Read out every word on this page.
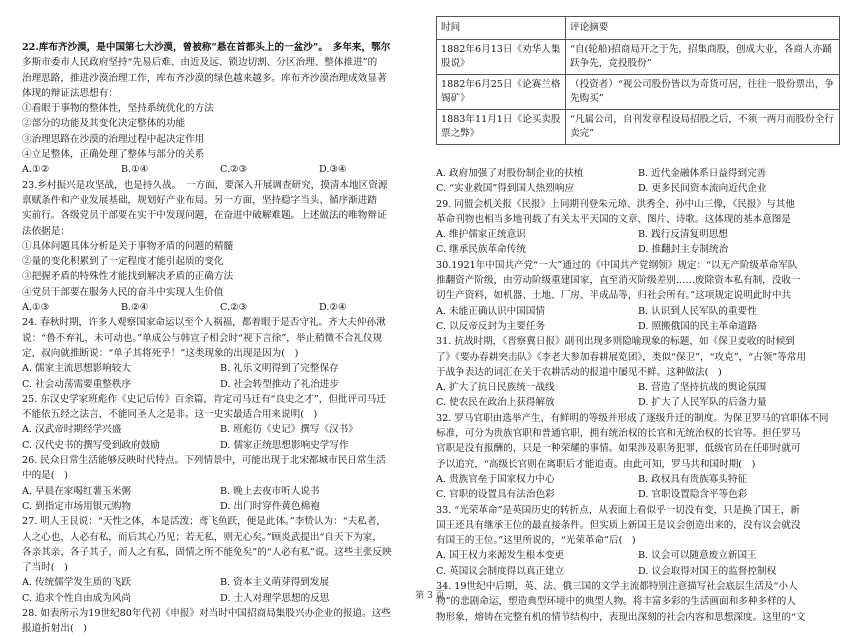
22.库布齐沙漠，是中国第七大沙漠，曾被称“悬在首都头上的一盆沙”。　多年来，鄂尔

多斯市委市人民政府坚持“先易后难、由近及远、锁边切割、分区治理、整体推进”的

治理思路，推进沙漠治理工作，库布齐沙漠的绿色越来越多。库布齐沙漠治理成效显著

体现的辩证法思想有：

①看眼于事物的整体性，坚持系统优化的方法

②部分的功能及其变化决定整体的功能

③治理思路在沙漠的治理过程中起决定作用

④立足整体，正确处理了整体与部分的关系

A.①②	B.①④	C.②③	D.③④

23.乡村振兴是攻坚战，也是持久战。　一方面，要深入开展调查研究，摸清本地区资源

禀赋条件和产业发展基础，规划好产业布局。另一方面，坚持稳字当头、循序渐进踏

实前行。各级党员干部要在实干中发现问题，在奋进中破解难题。上述做法的唯物辩证

法依据是：

①具体问题具体分析是关于事物矛盾的问题的精髓

②量的变化积累到了一定程度才能引起质的变化

③把握矛盾的特殊性才能找到解决矛盾的正确方法

④党员干部要在服务人民的奋斗中实现人生价值

A.①③	B.②④	C.②③	D.②④

24. 春秋时期，许多人观察国家命运以至个人祸福，都着眼于是否守礼。齐大夫仲孙湫

说：“鲁不弃礼，未可动也。”单成公与韩宣子相会时“视下言徐”，举止稍微不合礼仪规

定，叔向就推断说：“单子其将死乎！”这类现象的出现是因为(　)

A. 儒家主流思想影响较大	B. 礼乐文明得到了完整保存
C. 社会动荡需要重整秩序	D. 社会转型推动了礼治进步

25. 东汉史学家班彪作《史记后传》百余篇，肯定司马迁有“良史之才”，但批评司马迁

不能依五经之法言，不能同圣人之是非。这一史实最适合用来说明(　)

A. 汉武帝时期经学兴盛	B. 班彪仿《史记》撰写《汉书》
C. 汉代史书的撰写受到政府鼓励	D. 儒家正统思想影响史学写作

26. 民众日常生活能够反映时代特点。下列情景中，可能出现于北宋都城市民日常生活

中的是(　)

A. 早晨在家喝红薯玉米粥	B. 晚上去夜市听人说书
C. 到指定市场用银元购物	D. 出门时穿件黄色棉袍

27. 明人王艮说：“天性之体，本是活泼；鸢飞鱼跃，便是此体。”李贽认为：“夫私者，

人之心也，人必有私，而后其心乃见；若无私，则无心矣。”顾炎武提出“自天下为家，

各亲其亲，各子其子，而人之有私，固情之所不能免矣”的“人必有私”说。这些主张反映

了当时(　)

A. 传统儒学发生质的飞跃	B. 资本主义萌芽得到发展
C. 追求个性自由成为风尚	D. 士人对理学思想的反思

28. 如表所示为19世纪80年代初《申报》对当时中国招商局集股兴办企业的报道。这些

报道折射出(　)

时间	评论摘要
1882年6月13日《劝华人集股说》	“自(轮船)招商局开之于先，招集商股，创成大业，各商人亦踊跃争先，竞投股份”
1882年6月25日《论赛兰格锡矿》	（投资者）“视公司股份皆以为奇货可居，往往一股份票出，争先购买”
1883年11月1日《论买卖股票之弊》	“凡属公司，自刊发章程设局招股之后，不须一两月而股份全行卖完”
A. 政府加强了对股份制企业的扶植	B. 近代金融体系日益得到完善
C. “实业救国”得到国人热烈响应	D. 更多民间资本流向近代企业

29. 同盟会机关报《民报》上同期刊登朱元璋、洪秀全、孙中山三像，《民报》与其他

革命刊物也相当多地刊载了有关太平天国的文章、图片、诗歌。这体现的基本意图是

A. 维护儒家正统意识	B. 践行反清复明思想
C. 继承民族革命传统	D. 推翻封主专制统治

30.1921年中国共产党“一大”通过的《中国共产党纲领》规定：“以无产阶级革命军队

推翻资产阶级，由劳动阶级重建国家，直至消灭阶级差别……废除资本私有制，没收一

切生产资料，如机器、土地、厂房、半成品等，归社会所有。”这项规定说明此时中共

A. 未能正确认识中国国情	B. 认识到人民军队的重要性
C. 以反帝反封为主要任务	D. 照搬俄国的民主革命道路

31. 抗战时期，《晋察冀日报》副刊出现多则隐喻现象的标题，如《保卫麦收的时候到

了》《要办春耕突击队》《李老大参加春耕展览团》，类似“保卫”，“攻克”，“占领”等常用

于战争表达的词汇在关于农耕活动的报道中屡见不鲜。这种做法(　)

A. 扩大了抗日民族统一战线	B. 营造了坚持抗战的舆论氛围
C. 使农民在政治上获得解放	D. 扩大了人民军队的后备力量

32. 罗马官职由选举产生，有鲜明的等级并形成了逐级升迁的制度。为保卫罗马的官职体不同

标准，可分为贵族官职和普通官职，拥有统治权的长官和无统治权的长官等。担任罗马

官职是没有报酬的，只是一种荣耀的事情。如果涉及职务犯罪，低级官员在任职时就可

予以追究，“高级长官则在离职后才能追责。由此可知，罗马共和国时期(　)

A. 贵族官垒于国家权力中心	B. 政权具有贵族寡头特征
C. 官职的设置具有法治色彩	D. 官职设置隐含平等色彩

33. “光荣革命”是英国历史的转折点，从表面上看似乎一切没有变，只是换了国王，新

国王还具有继承王位的最直接条件。但实质上新国王是议会创造出来的，没有议会就没

有国王的王位。”这里所说的，“光荣革命”后(　)

A. 国王权力来源发生根本变更	B. 议会可以随意废立新国王
C. 英国议会制度得以真正建立	D. 议会取得对国王的监督控制权

34. 19世纪中后期，英、法、俄三国的文学主流都特别注意描写社会底层生活及“小人

物”的悲剧命运，塑造典型环境中的典型人物。将丰富多彩的生活画面和多种多样的人

物形象，熔铸在完整有机的情节结构中，表现出深刻的社会内容和思想深度。这里的“文

第 3 页
